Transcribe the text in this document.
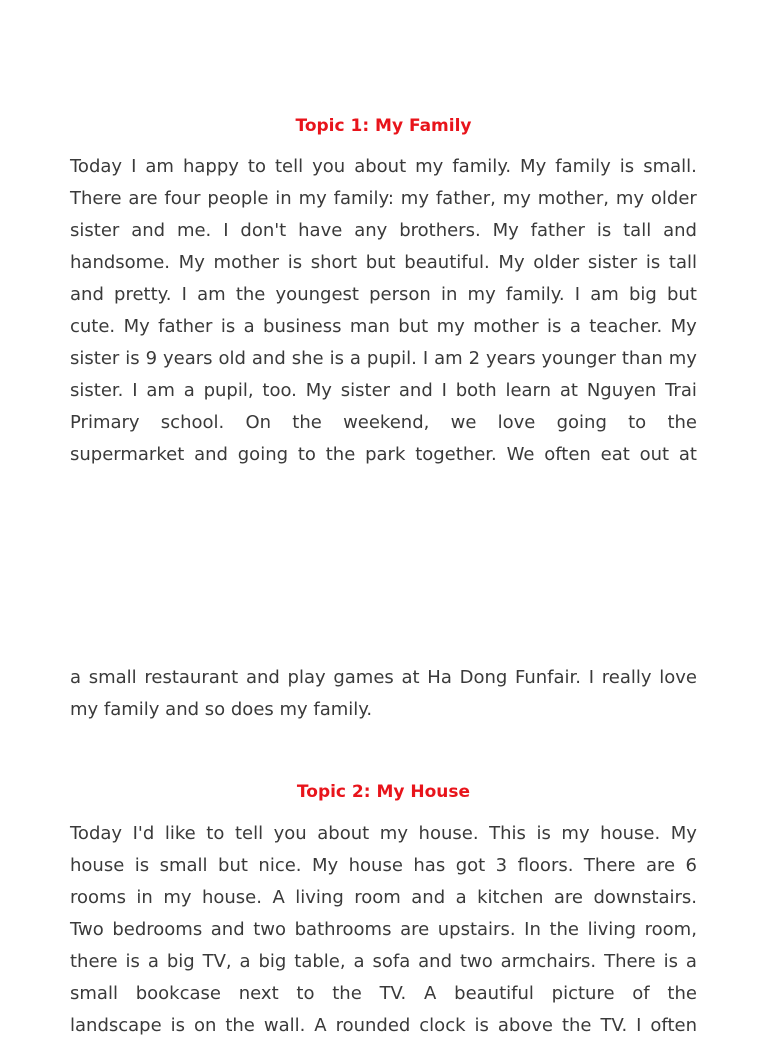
Topic 1: My Family
Today I am happy to tell you about my family. My family is small.
There are four people in my family: my father, my mother, my older
sister and me. I don't have any brothers. My father is tall and
handsome. My mother is short but beautiful. My older sister is tall
and pretty. I am the youngest person in my family. I am big but
cute. My father is a business man but my mother is a teacher. My
sister is 9 years old and she is a pupil. I am 2 years younger than my
sister. I am a pupil, too. My sister and I both learn at Nguyen Trai
Primary school. On the weekend, we love going to the
supermarket and going to the park together. We often eat out at
a small restaurant and play games at Ha Dong Funfair. I really love
my family and so does my family.
Topic 2: My House
Today I'd like to tell you about my house. This is my house. My
house is small but nice. My house has got 3 floors. There are 6
rooms in my house. A living room and a kitchen are downstairs.
Two bedrooms and two bathrooms are upstairs. In the living room,
there is a big TV, a big table, a sofa and two armchairs. There is a
small bookcase next to the TV. A beautiful picture of the
landscape is on the wall. A rounded clock is above the TV. I often
